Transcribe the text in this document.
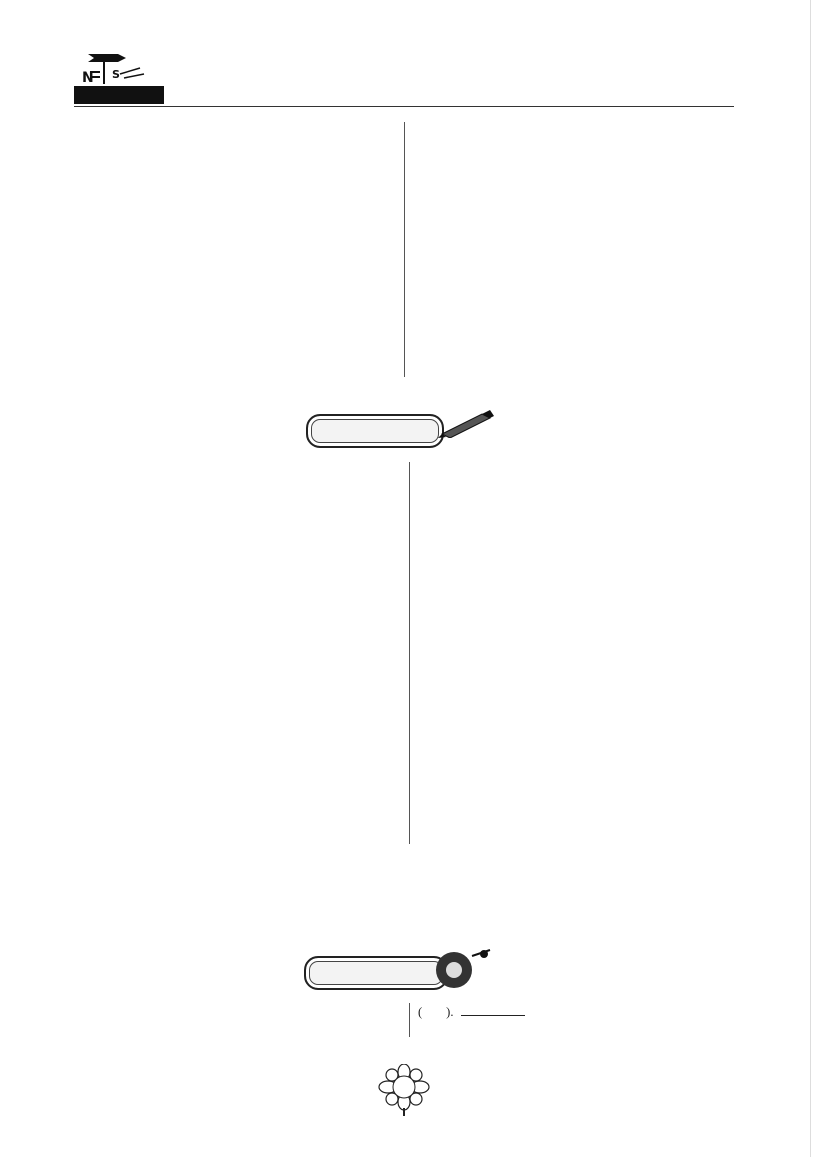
N S
( ).
